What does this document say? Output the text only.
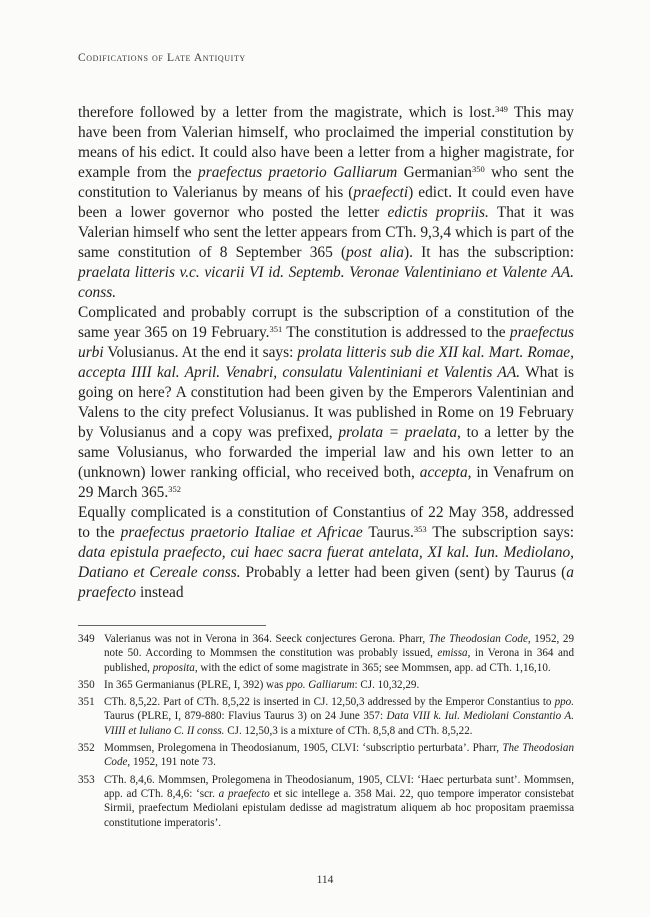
Codifications of Late Antiquity

therefore followed by a letter from the magistrate, which is lost.$^{349}$ This may have been from Valerian himself, who proclaimed the imperial constitution by means of his edict. It could also have been a letter from a higher magistrate, for example from the praefectus praetorio Galliarum Germanian$^{350}$ who sent the constitution to Valerianus by means of his (praefecti) edict. It could even have been a lower governor who posted the letter edictis propriis. That it was Valerian himself who sent the letter appears from CTh. 9,3,4 which is part of the same constitution of 8 September 365 (post alia). It has the subscription: praelata litteris v.c. vicarii VI id. Septemb. Veronae Valentiniano et Valente AA. conss.

Complicated and probably corrupt is the subscription of a constitution of the same year 365 on 19 February.$^{351}$ The constitution is addressed to the praefectus urbi Volusianus. At the end it says: prolata litteris sub die XII kal. Mart. Romae, accepta IIII kal. April. Venabri, consulatu Valentiniani et Valentis AA. What is going on here? A constitution had been given by the Emperors Valentinian and Valens to the city prefect Volusianus. It was published in Rome on 19 February by Volusianus and a copy was prefixed, prolata = praelata, to a letter by the same Volusianus, who forwarded the imperial law and his own letter to an (unknown) lower ranking official, who received both, accepta, in Venafrum on 29 March 365.$^{352}$

Equally complicated is a constitution of Constantius of 22 May 358, addressed to the praefectus praetorio Italiae et Africae Taurus.$^{353}$ The subscription says: data epistula praefecto, cui haec sacra fuerat antelata, XI kal. Iun. Mediolano, Datiano et Cereale conss. Probably a letter had been given (sent) by Taurus (a praefecto instead

349 Valerianus was not in Verona in 364. Seeck conjectures Gerona. Pharr, The Theodosian Code, 1952, 29 note 50. According to Mommsen the constitution was probably issued, emissa, in Verona in 364 and published, proposita, with the edict of some magistrate in 365; see Mommsen, app. ad CTh. 1,16,10.
350 In 365 Germanianus (PLRE, I, 392) was ppo. Galliarum: CJ. 10,32,29.
351 CTh. 8,5,22. Part of CTh. 8,5,22 is inserted in CJ. 12,50,3 addressed by the Emperor Constantius to ppo. Taurus (PLRE, I, 879-880: Flavius Taurus 3) on 24 June 357: Data VIII k. Iul. Mediolani Constantio A. VIIII et Iuliano C. II conss. CJ. 12,50,3 is a mixture of CTh. 8,5,8 and CTh. 8,5,22.
352 Mommsen, Prolegomena in Theodosianum, 1905, CLVI: ‘subscriptio perturbata’. Pharr, The Theodosian Code, 1952, 191 note 73.
353 CTh. 8,4,6. Mommsen, Prolegomena in Theodosianum, 1905, CLVI: ‘Haec perturbata sunt’. Mommsen, app. ad CTh. 8,4,6: ‘scr. a praefecto et sic intellege a. 358 Mai. 22, quo tempore imperator consistebat Sirmii, praefectum Mediolani epistulam dedisse ad magistratum aliquem ab hoc propositam praemissa constitutione imperatoris’.
114
